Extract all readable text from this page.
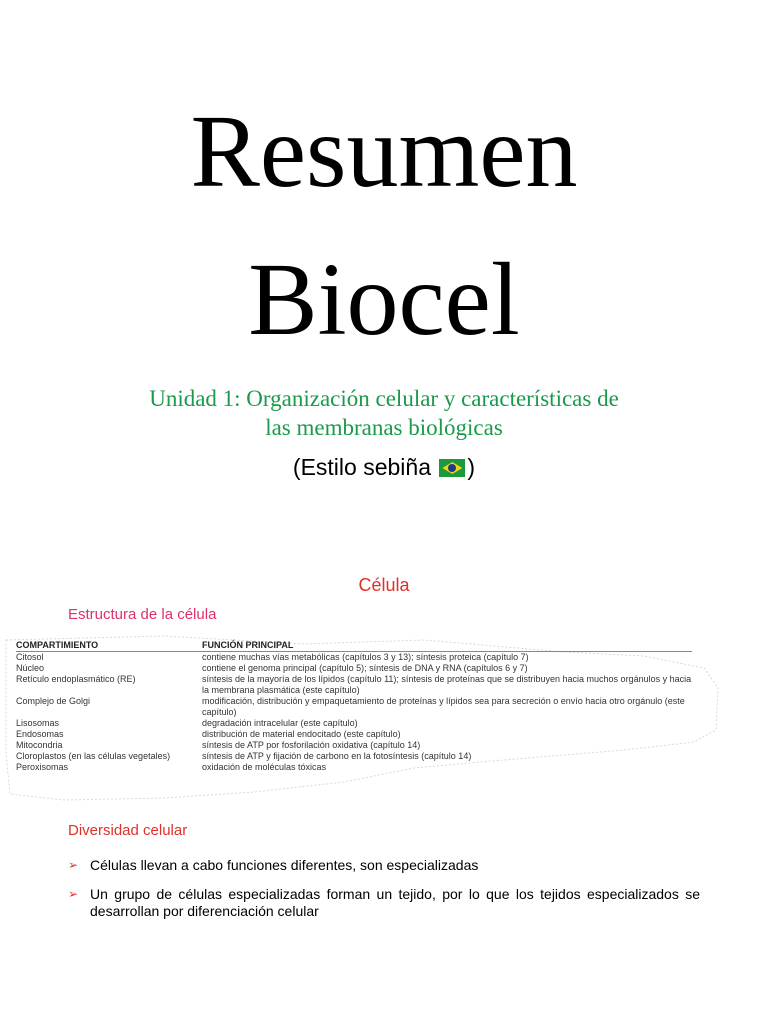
Resumen
Biocel
Unidad 1: Organización celular y características de
las membranas biológicas
(Estilo sebiña )
Célula
Estructura de la célula
COMPARTIMIENTO	FUNCIÓN PRINCIPAL
Citosol	contiene muchas vías metabólicas (capítulos 3 y 13); síntesis proteica (capítulo 7)
Núcleo	contiene el genoma principal (capítulo 5); síntesis de DNA y RNA (capítulos 6 y 7)
Retículo endoplasmático (RE)	síntesis de la mayoría de los lípidos (capítulo 11); síntesis de proteínas que se distribuyen hacia muchos orgánulos y hacia la membrana plasmática (este capítulo)
Complejo de Golgi	modificación, distribución y empaquetamiento de proteínas y lípidos sea para secreción o envío hacia otro orgánulo (este capítulo)
Lisosomas	degradación intracelular (este capítulo)
Endosomas	distribución de material endocitado (este capítulo)
Mitocondria	síntesis de ATP por fosforilación oxidativa (capítulo 14)
Cloroplastos (en las células vegetales)	síntesis de ATP y fijación de carbono en la fotosíntesis (capítulo 14)
Peroxisomas	oxidación de moléculas tóxicas
Diversidad celular
➢ Células llevan a cabo funciones diferentes, son especializadas
➢ Un grupo de células especializadas forman un tejido, por lo que los tejidos especializados se desarrollan por diferenciación celular
